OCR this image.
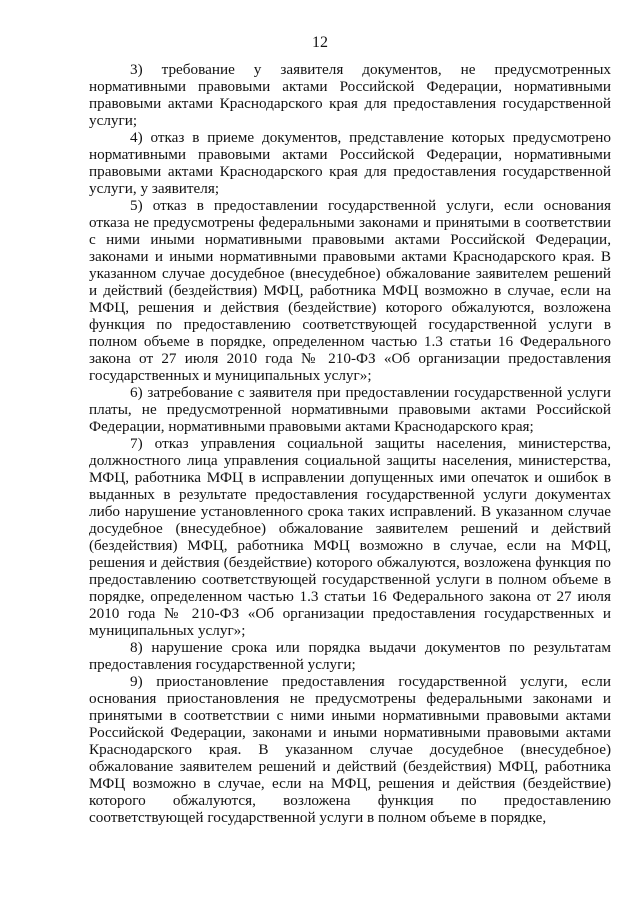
12

3) требование у заявителя документов, не предусмотренных нормативными правовыми актами Российской Федерации, нормативными правовыми актами Краснодарского края для предоставления государственной услуги;

4) отказ в приеме документов, представление которых предусмотрено нормативными правовыми актами Российской Федерации, нормативными правовыми актами Краснодарского края для предоставления государственной услуги, у заявителя;

5) отказ в предоставлении государственной услуги, если основания отказа не предусмотрены федеральными законами и принятыми в соответствии с ними иными нормативными правовыми актами Российской Федерации, законами и иными нормативными правовыми актами Краснодарского края. В указанном случае досудебное (внесудебное) обжалование заявителем решений и действий (бездействия) МФЦ, работника МФЦ возможно в случае, если на МФЦ, решения и действия (бездействие) которого обжалуются, возложена функция по предоставлению соответствующей государственной услуги в полном объеме в порядке, определенном частью 1.3 статьи 16 Федерального закона от 27 июля 2010 года № 210-ФЗ «Об организации предоставления государственных и муниципальных услуг»;

6) затребование с заявителя при предоставлении государственной услуги платы, не предусмотренной нормативными правовыми актами Российской Федерации, нормативными правовыми актами Краснодарского края;

7) отказ управления социальной защиты населения, министерства, должностного лица управления социальной защиты населения, министерства, МФЦ, работника МФЦ в исправлении допущенных ими опечаток и ошибок в выданных в результате предоставления государственной услуги документах либо нарушение установленного срока таких исправлений. В указанном случае досудебное (внесудебное) обжалование заявителем решений и действий (бездействия) МФЦ, работника МФЦ возможно в случае, если на МФЦ, решения и действия (бездействие) которого обжалуются, возложена функция по предоставлению соответствующей государственной услуги в полном объеме в порядке, определенном частью 1.3 статьи 16 Федерального закона от 27 июля 2010 года № 210-ФЗ «Об организации предоставления государственных и муниципальных услуг»;

8) нарушение срока или порядка выдачи документов по результатам предоставления государственной услуги;

9) приостановление предоставления государственной услуги, если основания приостановления не предусмотрены федеральными законами и принятыми в соответствии с ними иными нормативными правовыми актами Российской Федерации, законами и иными нормативными правовыми актами Краснодарского края. В указанном случае досудебное (внесудебное) обжалование заявителем решений и действий (бездействия) МФЦ, работника МФЦ возможно в случае, если на МФЦ, решения и действия (бездействие) которого обжалуются, возложена функция по предоставлению соответствующей государственной услуги в полном объеме в порядке,
